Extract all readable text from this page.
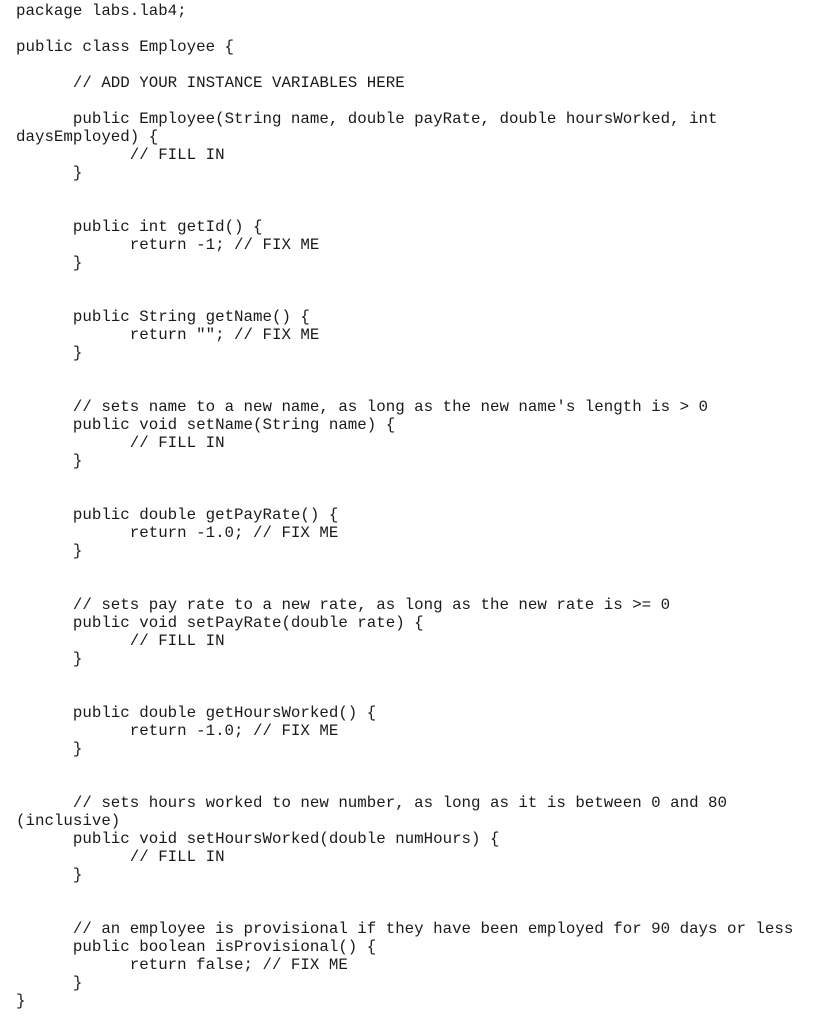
package labs.lab4;
public class Employee {
	// ADD YOUR INSTANCE VARIABLES HERE
	public Employee(String name, double payRate, double hoursWorked, int
daysEmployed) {
		// FILL IN
	}
	public int getId() {
		return -1; // FIX ME
	}
	public String getName() {
		return ""; // FIX ME
	}
	// sets name to a new name, as long as the new name's length is > 0
	public void setName(String name) {
		// FILL IN
	}
	public double getPayRate() {
		return -1.0; // FIX ME
	}
	// sets pay rate to a new rate, as long as the new rate is >= 0
	public void setPayRate(double rate) {
		// FILL IN
	}
	public double getHoursWorked() {
		return -1.0; // FIX ME
	}
	// sets hours worked to new number, as long as it is between 0 and 80
(inclusive)
	public void setHoursWorked(double numHours) {
		// FILL IN
	}
	// an employee is provisional if they have been employed for 90 days or less
	public boolean isProvisional() {
		return false; // FIX ME
	}
}
